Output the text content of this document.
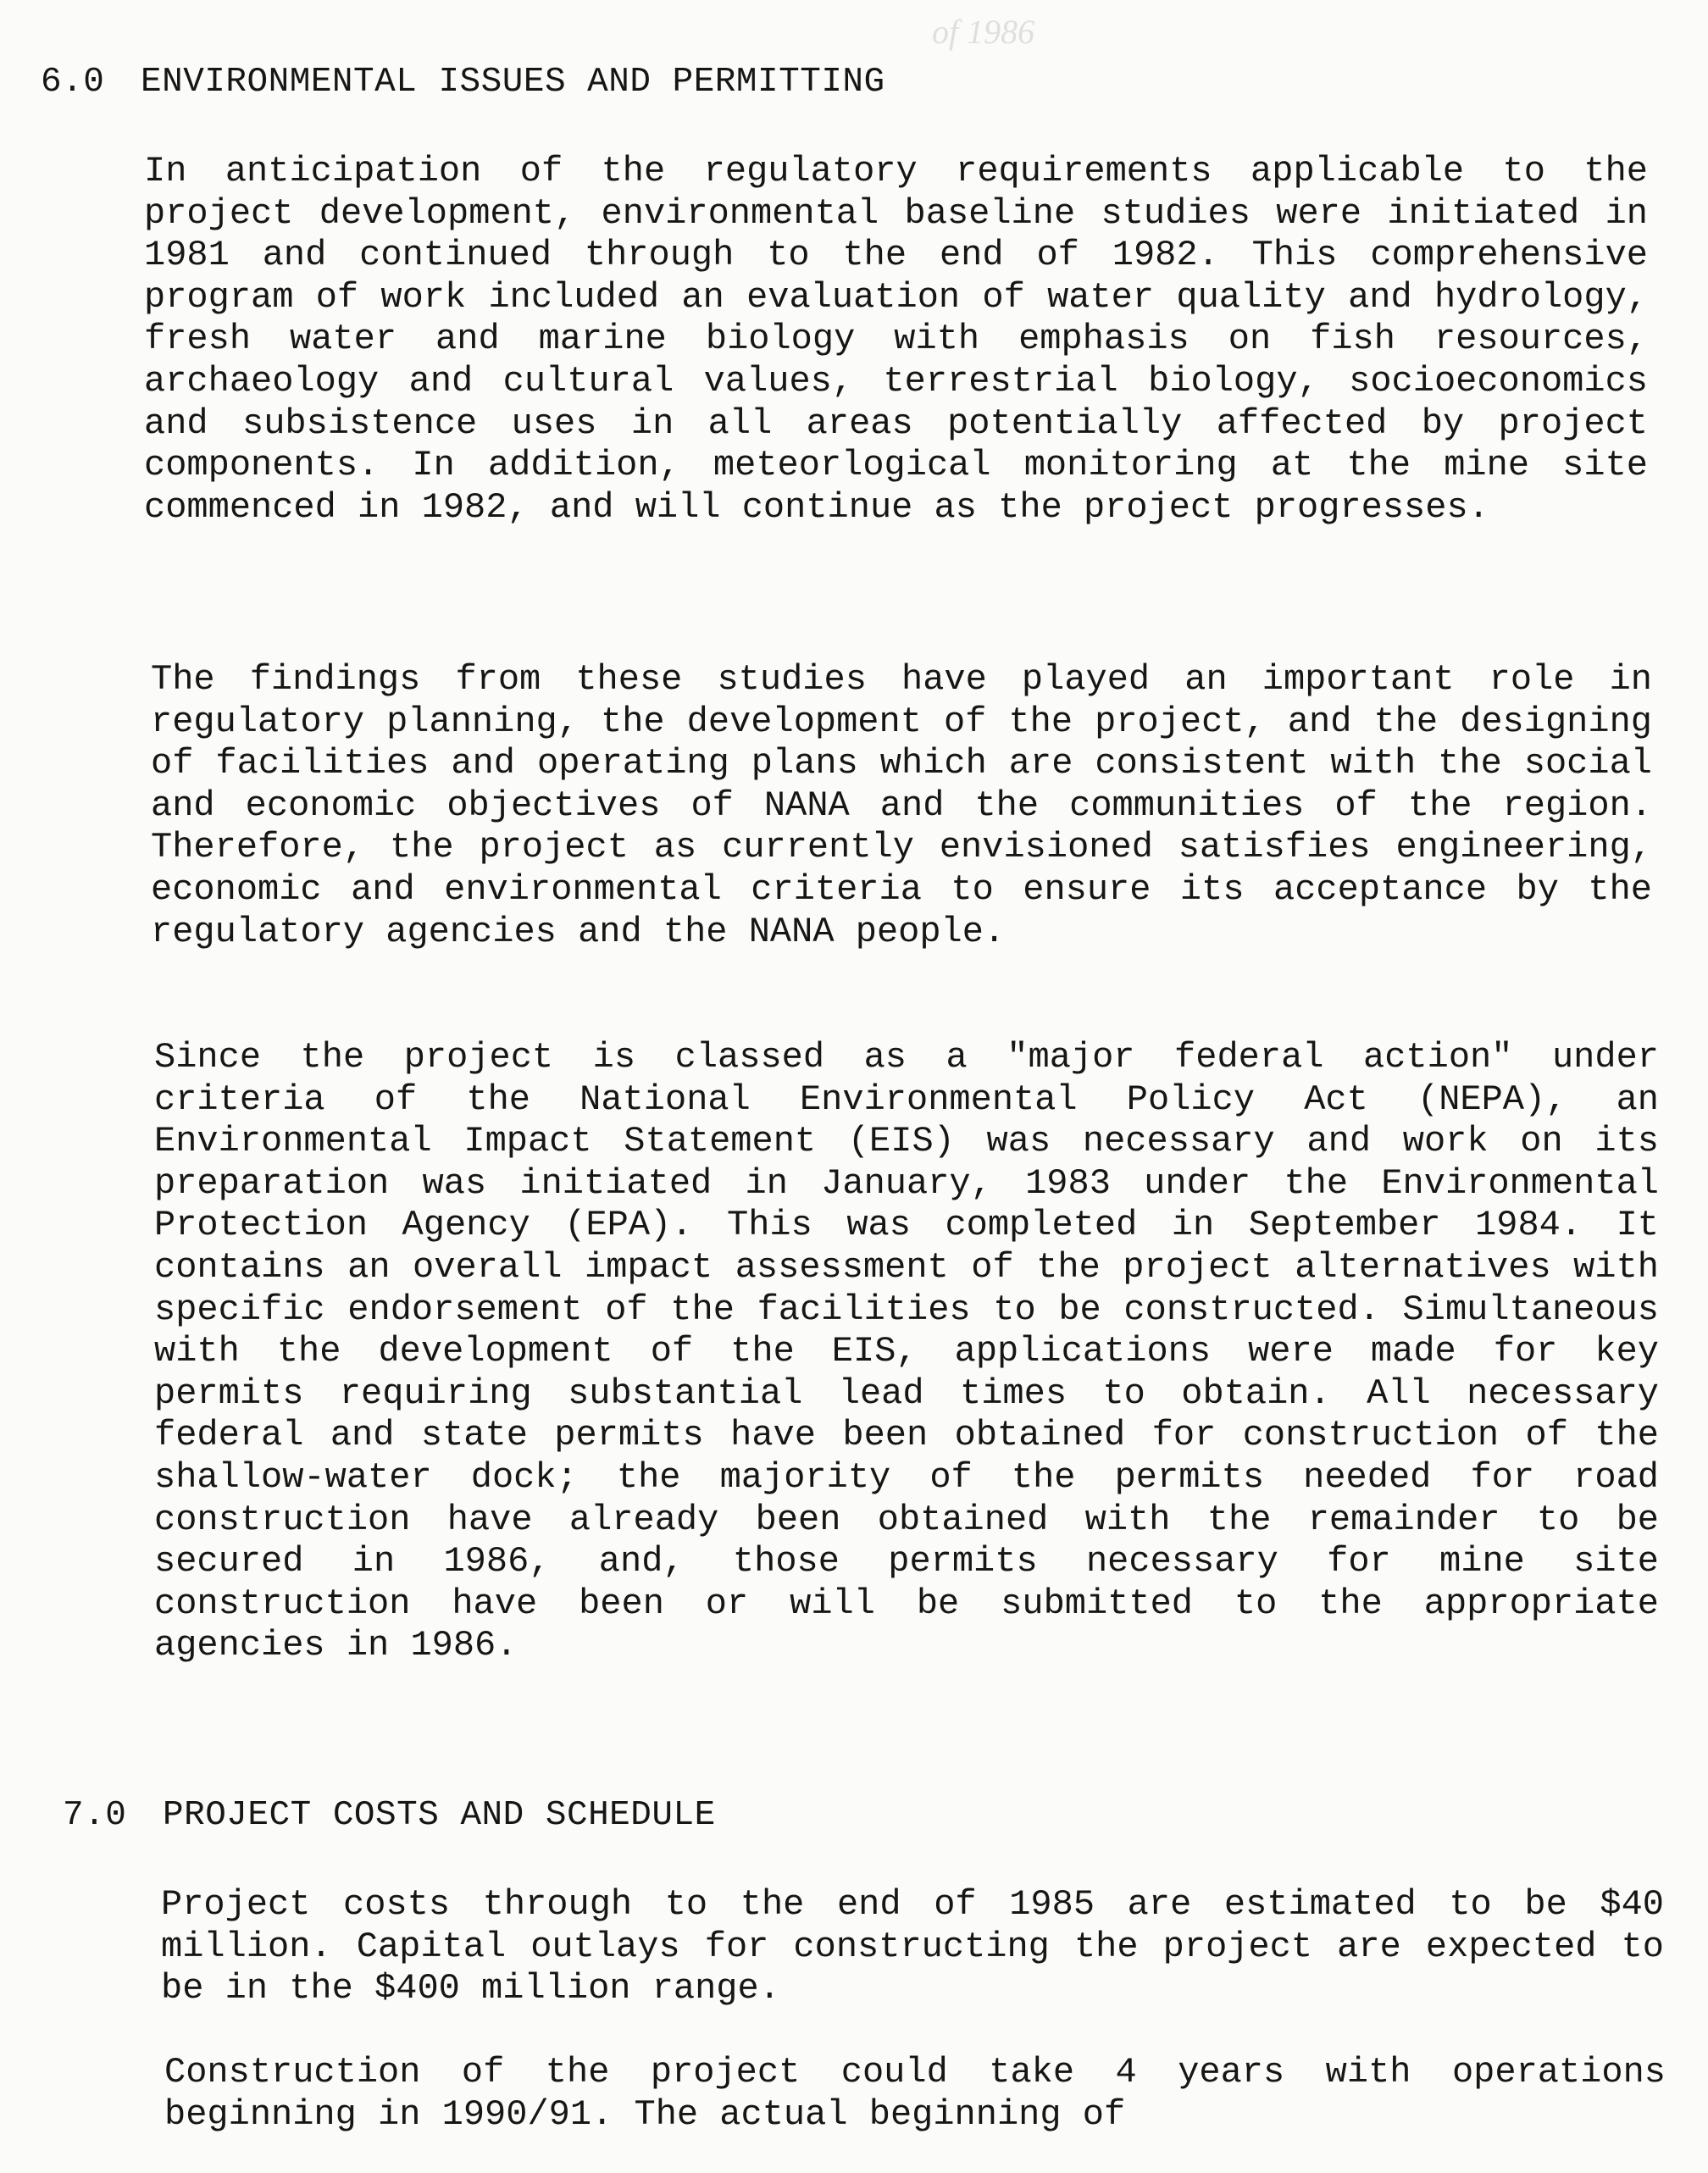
of 1986
6.0 ENVIRONMENTAL ISSUES AND PERMITTING
In anticipation of the regulatory requirements applicable to the project development, environmental baseline studies were initiated in 1981 and continued through to the end of 1982. This comprehensive program of work included an evaluation of water quality and hydrology, fresh water and marine biology with emphasis on fish resources, archaeology and cultural values, terrestrial biology, socioeconomics and subsistence uses in all areas potentially affected by project components. In addition, meteorlogical monitoring at the mine site commenced in 1982, and will continue as the project progresses.
The findings from these studies have played an important role in regulatory planning, the development of the project, and the designing of facilities and operating plans which are consistent with the social and economic objectives of NANA and the communities of the region. Therefore, the project as currently envisioned satisfies engineering, economic and environmental criteria to ensure its acceptance by the regulatory agencies and the NANA people.
Since the project is classed as a "major federal action" under criteria of the National Environmental Policy Act (NEPA), an Environmental Impact Statement (EIS) was necessary and work on its preparation was initiated in January, 1983 under the Environmental Protection Agency (EPA). This was completed in September 1984. It contains an overall impact assessment of the project alternatives with specific endorsement of the facilities to be constructed. Simultaneous with the development of the EIS, applications were made for key permits requiring substantial lead times to obtain. All necessary federal and state permits have been obtained for construction of the shallow-water dock; the majority of the permits needed for road construction have already been obtained with the remainder to be secured in 1986, and, those permits necessary for mine site construction have been or will be submitted to the appropriate agencies in 1986.
7.0 PROJECT COSTS AND SCHEDULE
Project costs through to the end of 1985 are estimated to be $40 million. Capital outlays for constructing the project are expected to be in the $400 million range.
Construction of the project could take 4 years with operations beginning in 1990/91. The actual beginning of
